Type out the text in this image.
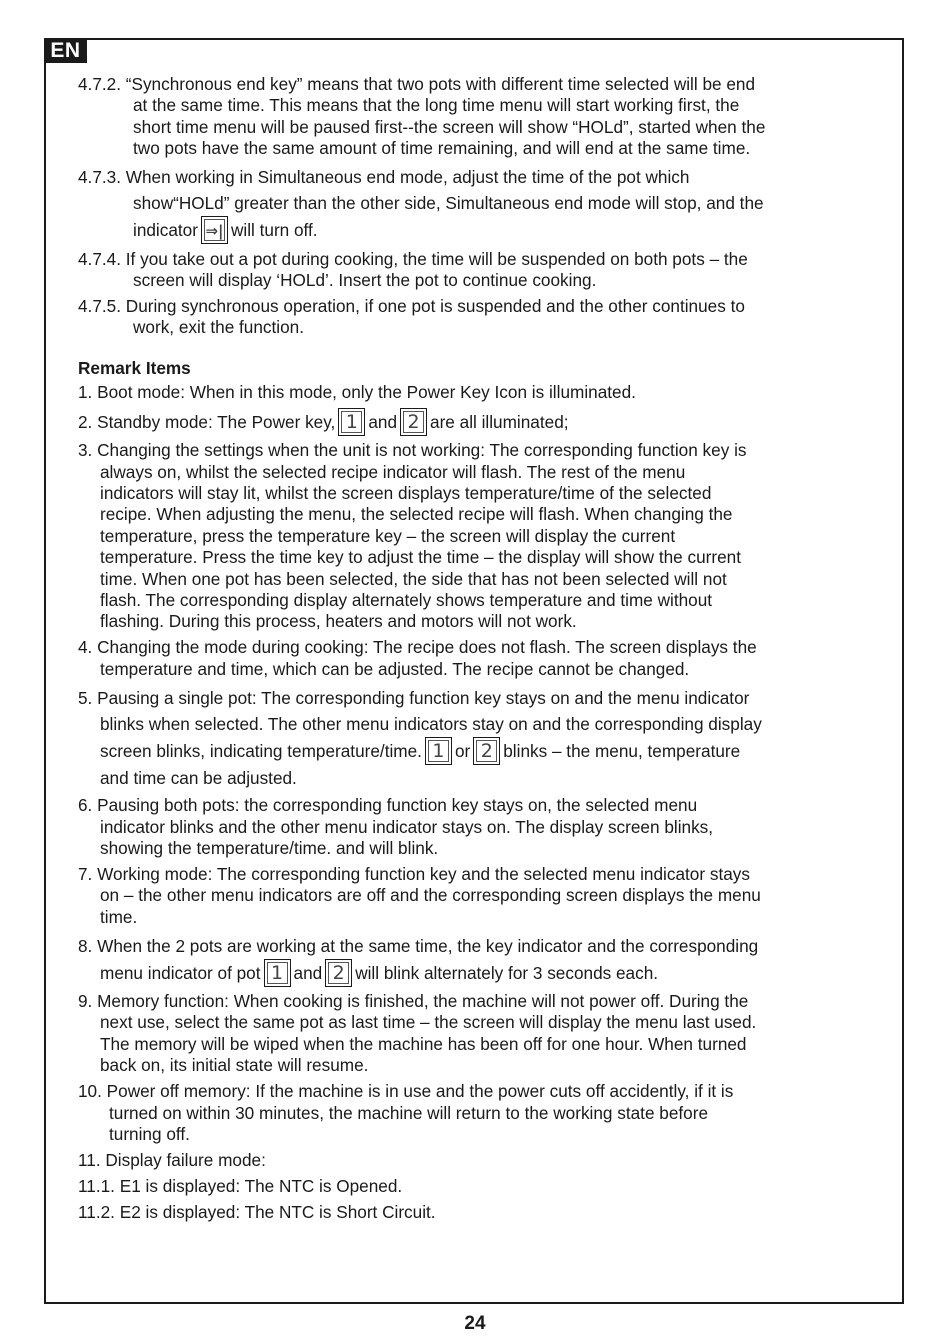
EN
4.7.2. “Synchronous end key” means that two pots with different time selected will be end
at the same time. This means that the long time menu will start working first, the
short time menu will be paused first--the screen will show “HOLd”, started when the
two pots have the same amount of time remaining, and will end at the same time.
4.7.3. When working in Simultaneous end mode, adjust the time of the pot which
show“HOLd” greater than the other side, Simultaneous end mode will stop, and the
indicator ⇒| will turn off.
4.7.4. If you take out a pot during cooking, the time will be suspended on both pots – the
screen will display ‘HOLd’. Insert the pot to continue cooking.
4.7.5. During synchronous operation, if one pot is suspended and the other continues to
work, exit the function.
Remark Items
1. Boot mode: When in this mode, only the Power Key Icon is illuminated.
2. Standby mode: The Power key, 1 and 2 are all illuminated;
3. Changing the settings when the unit is not working: The corresponding function key is
always on, whilst the selected recipe indicator will flash. The rest of the menu
indicators will stay lit, whilst the screen displays temperature/time of the selected
recipe. When adjusting the menu, the selected recipe will flash. When changing the
temperature, press the temperature key – the screen will display the current
temperature. Press the time key to adjust the time – the display will show the current
time. When one pot has been selected, the side that has not been selected will not
flash. The corresponding display alternately shows temperature and time without
flashing. During this process, heaters and motors will not work.
4. Changing the mode during cooking: The recipe does not flash. The screen displays the
temperature and time, which can be adjusted. The recipe cannot be changed.
5. Pausing a single pot: The corresponding function key stays on and the menu indicator
blinks when selected. The other menu indicators stay on and the corresponding display
screen blinks, indicating temperature/time. 1 or 2 blinks – the menu, temperature
and time can be adjusted.
6. Pausing both pots: the corresponding function key stays on, the selected menu
indicator blinks and the other menu indicator stays on. The display screen blinks,
showing the temperature/time. and will blink.
7. Working mode: The corresponding function key and the selected menu indicator stays
on – the other menu indicators are off and the corresponding screen displays the menu
time.
8. When the 2 pots are working at the same time, the key indicator and the corresponding
menu indicator of pot 1 and 2 will blink alternately for 3 seconds each.
9. Memory function: When cooking is finished, the machine will not power off. During the
next use, select the same pot as last time – the screen will display the menu last used.
The memory will be wiped when the machine has been off for one hour. When turned
back on, its initial state will resume.
10. Power off memory: If the machine is in use and the power cuts off accidently, if it is
turned on within 30 minutes, the machine will return to the working state before
turning off.
11. Display failure mode:
11.1. E1 is displayed: The NTC is Opened.
11.2. E2 is displayed: The NTC is Short Circuit.
24
